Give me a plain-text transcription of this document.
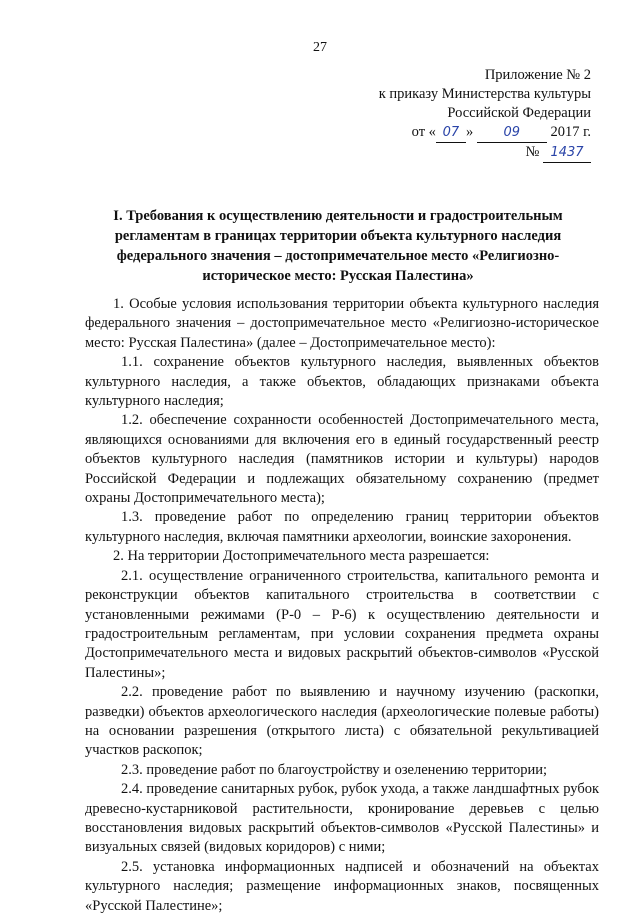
27
Приложение № 2
к приказу Министерства культуры
Российской Федерации
от « 07 » 09 2017 г.
№ 1437
I. Требования к осуществлению деятельности и градостроительным регламентам в границах территории объекта культурного наследия федерального значения – достопримечательное место «Религиозно-историческое место: Русская Палестина»

1. Особые условия использования территории объекта культурного наследия федерального значения – достопримечательное место «Религиозно-историческое место: Русская Палестина» (далее – Достопримечательное место):

1.1. сохранение объектов культурного наследия, выявленных объектов культурного наследия, а также объектов, обладающих признаками объекта культурного наследия;

1.2. обеспечение сохранности особенностей Достопримечательного места, являющихся основаниями для включения его в единый государственный реестр объектов культурного наследия (памятников истории и культуры) народов Российской Федерации и подлежащих обязательному сохранению (предмет охраны Достопримечательного места);

1.3. проведение работ по определению границ территории объектов культурного наследия, включая памятники археологии, воинские захоронения.

2. На территории Достопримечательного места разрешается:

2.1. осуществление ограниченного строительства, капитального ремонта и реконструкции объектов капитального строительства в соответствии с установленными режимами (Р-0 – Р-6) к осуществлению деятельности и градостроительным регламентам, при условии сохранения предмета охраны Достопримечательного места и видовых раскрытий объектов-символов «Русской Палестины»;

2.2. проведение работ по выявлению и научному изучению (раскопки, разведки) объектов археологического наследия (археологические полевые работы) на основании разрешения (открытого листа) с обязательной рекультивацией участков раскопок;

2.3. проведение работ по благоустройству и озеленению территории;

2.4. проведение санитарных рубок, рубок ухода, а также ландшафтных рубок древесно-кустарниковой растительности, кронирование деревьев с целью восстановления видовых раскрытий объектов-символов «Русской Палестины» и визуальных связей (видовых коридоров) с ними;

2.5. установка информационных надписей и обозначений на объектах культурного наследия; размещение информационных знаков, посвященных «Русской Палестине»;
